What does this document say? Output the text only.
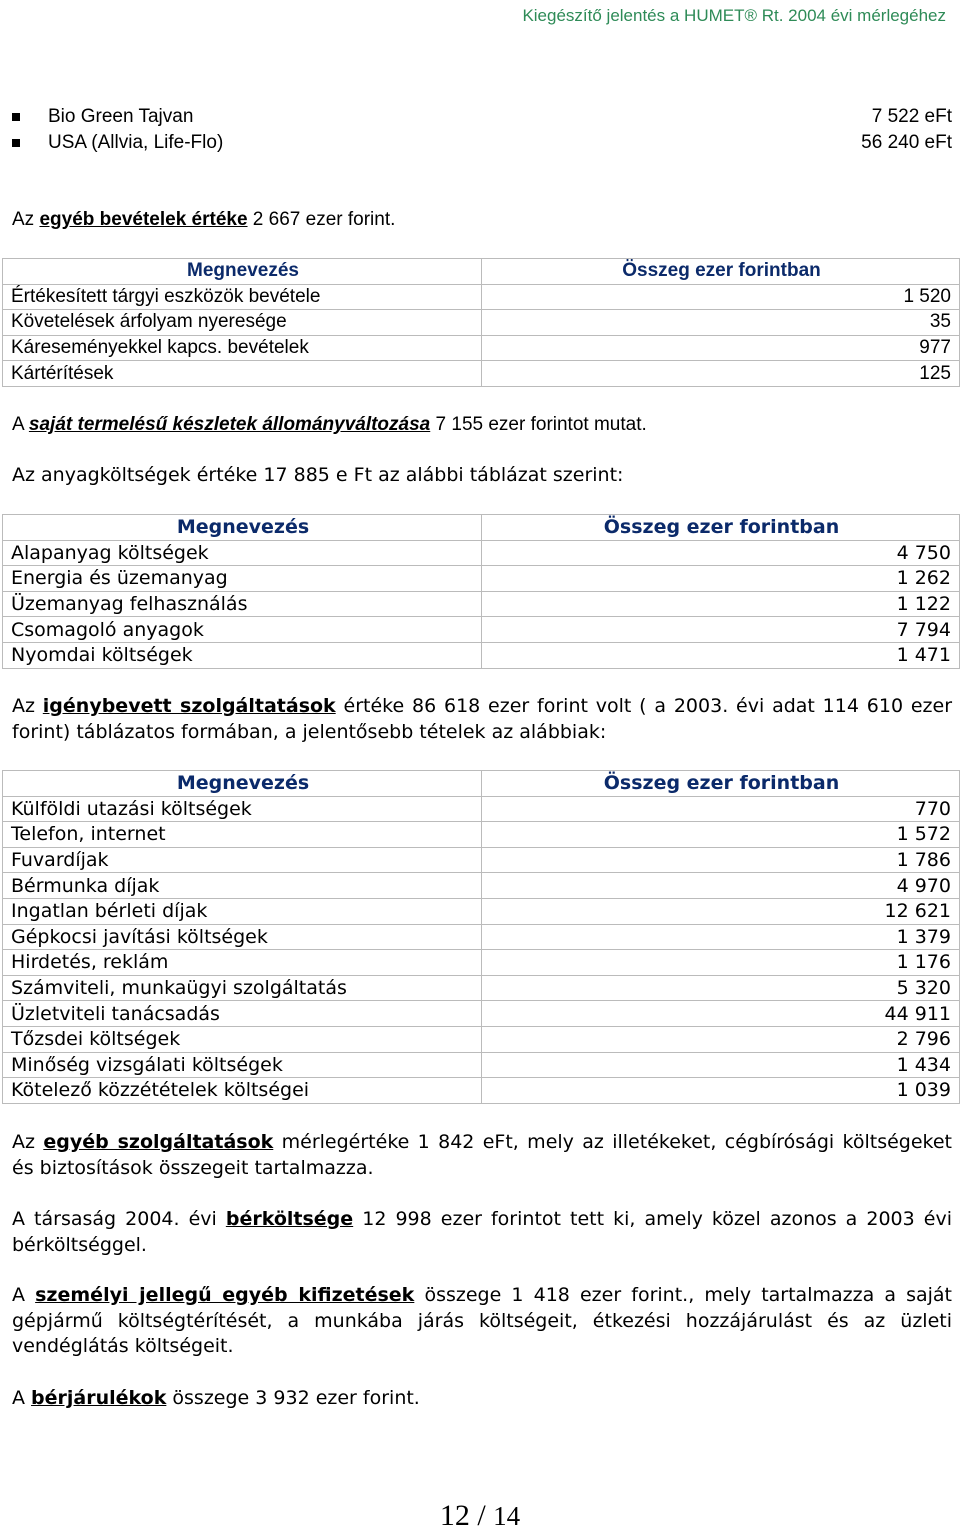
Kiegészítő jelentés a HUMET® Rt. 2004 évi mérlegéhez
Bio Green Tajvan	7 522 eFt
USA (Allvia, Life-Flo)	56 240 eFt
Az egyéb bevételek értéke 2 667 ezer forint.
Megnevezés	Összeg ezer forintban
Értékesített tárgyi eszközök bevétele	1 520
Követelések árfolyam nyeresége	35
Káreseményekkel kapcs. bevételek	977
Kártérítések	125
A saját termelésű készletek állományváltozása 7 155 ezer forintot mutat.
Az anyagköltségek értéke 17 885 e Ft az alábbi táblázat szerint:
Megnevezés	Összeg ezer forintban
Alapanyag költségek	4 750
Energia és üzemanyag	1 262
Üzemanyag felhasználás	1 122
Csomagoló anyagok	7 794
Nyomdai költségek	1 471
Az igénybevett szolgáltatások értéke 86 618 ezer forint volt ( a 2003. évi adat 114 610 ezer forint) táblázatos formában, a jelentősebb tételek az alábbiak:
Megnevezés	Összeg ezer forintban
Külföldi utazási költségek	770
Telefon, internet	1 572
Fuvardíjak	1 786
Bérmunka díjak	4 970
Ingatlan bérleti díjak	12 621
Gépkocsi javítási költségek	1 379
Hirdetés, reklám	1 176
Számviteli, munkaügyi szolgáltatás	5 320
Üzletviteli tanácsadás	44 911
Tőzsdei költségek	2 796
Minőség vizsgálati költségek	1 434
Kötelező közzétételek költségei	1 039
Az egyéb szolgáltatások mérlegértéke 1 842 eFt, mely az illetékeket, cégbírósági költségeket és biztosítások összegeit tartalmazza.
A társaság 2004. évi bérköltsége 12 998 ezer forintot tett ki, amely közel azonos a 2003 évi bérköltséggel.
A személyi jellegű egyéb kifizetések összege 1 418 ezer forint., mely tartalmazza a saját gépjármű költségtérítését, a munkába járás költségeit, étkezési hozzájárulást és az üzleti vendéglátás költségeit.
A bérjárulékok összege 3 932 ezer forint.
12 / 14
